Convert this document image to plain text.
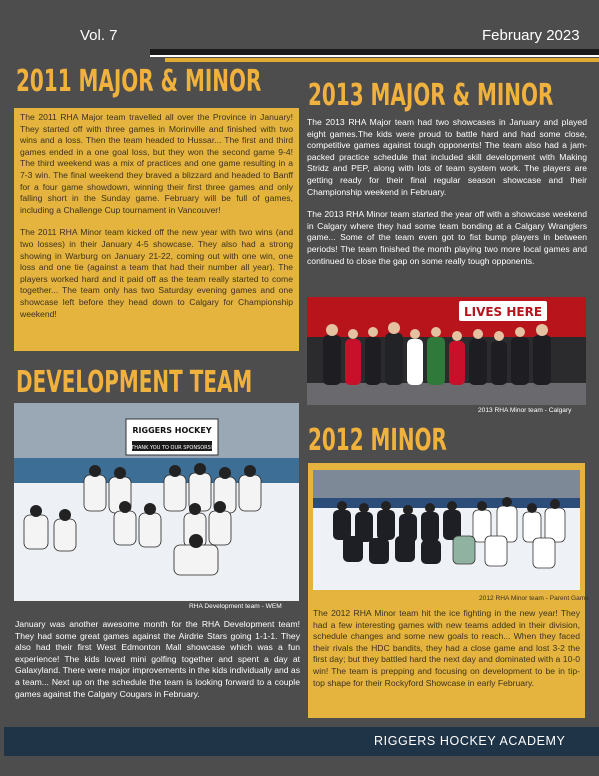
Vol. 7	February 2023
2011 MAJOR & MINOR

The 2011 RHA Major team travelled all over the Province in January! They started off with three games in Morinville and finished with two wins and a loss. Then the team headed to Hussar... The first and third games ended in a one goal loss, but they won the second game 9-4! The third weekend was a mix of practices and one game resulting in a 7-3 win. The final weekend they braved a blizzard and headed to Banff for a four game showdown, winning their first three games and only falling short in the Sunday game. February will be full of games, including a Challenge Cup tournament in Vancouver!

The 2011 RHA Minor team kicked off the new year with two wins (and two losses) in their January 4-5 showcase. They also had a strong showing in Warburg on January 21-22, coming out with one win, one loss and one tie (against a team that had their number all year). The players worked hard and it paid off as the team really started to come together... The team only has two Saturday evening games and one showcase left before they head down to Calgary for Championship weekend!

2013 MAJOR & MINOR

The 2013 RHA Major team had two showcases in January and played eight games.The kids were proud to battle hard and had some close, competitive games against tough opponents! The team also had a jam-packed practice schedule that included skill development with Making Stridz and PEP, along with lots of team system work. The players are getting ready for their final regular season showcase and their Championship weekend in February.

The 2013 RHA Minor team started the year off with a showcase weekend in Calgary where they had some team bonding at a Calgary Wranglers game... Some of the team even got to fist bump players in between periods! The team finished the month playing two more local games and continued to close the gap on some really tough opponents.

LIVES HERE
2013 RHA Minor team - Calgary
DEVELOPMENT TEAM
RIGGERS HOCKEY
THANK YOU TO OUR SPONSORS!
RHA Development team - WEM

January was another awesome month for the RHA Development team! They had some great games against the Airdrie Stars going 1-1-1. They also had their first West Edmonton Mall showcase which was a fun experience! The kids loved mini golfing together and spent a day at Galaxyland. There were major improvements in the kids individually and as a team... Next up on the schedule the team is looking forward to a couple games against the Calgary Cougars in February.

2012 MINOR
2012 RHA Minor team - Parent Game

The 2012 RHA Minor team hit the ice fighting in the new year! They had a few interesting games with new teams added in their division, schedule changes and some new goals to reach... When they faced their rivals the HDC bandits, they had a close game and lost 3-2 the first day; but they battled hard the next day and dominated with a 10-0 win! The team is prepping and focusing on development to be in tip-top shape for their Rockyford Showcase in early February.

RIGGERS HOCKEY ACADEMY
